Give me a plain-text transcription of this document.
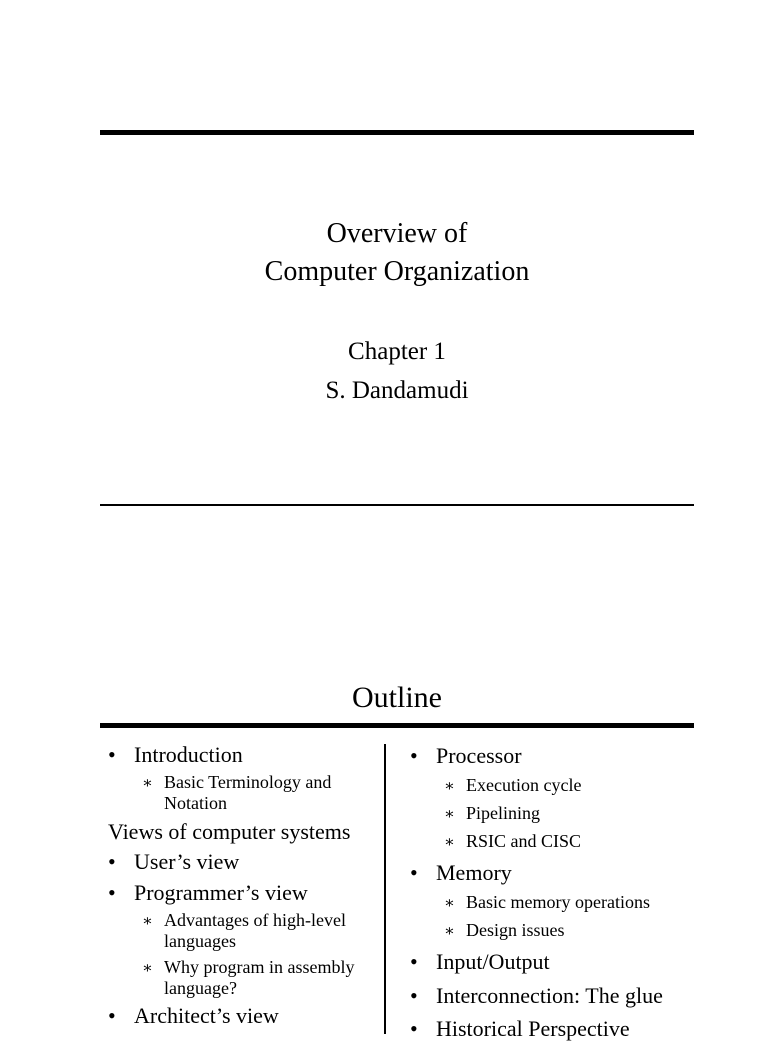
Overview of
Computer Organization
Chapter 1
S. Dandamudi
Outline
• Introduction
∗ Basic Terminology and
Notation
Views of computer systems
• User’s view
• Programmer’s view
∗ Advantages of high-level
languages
∗ Why program in assembly
language?
• Architect’s view
• Processor
∗ Execution cycle
∗ Pipelining
∗ RSIC and CISC
• Memory
∗ Basic memory operations
∗ Design issues
• Input/Output
• Interconnection: The glue
• Historical Perspective
